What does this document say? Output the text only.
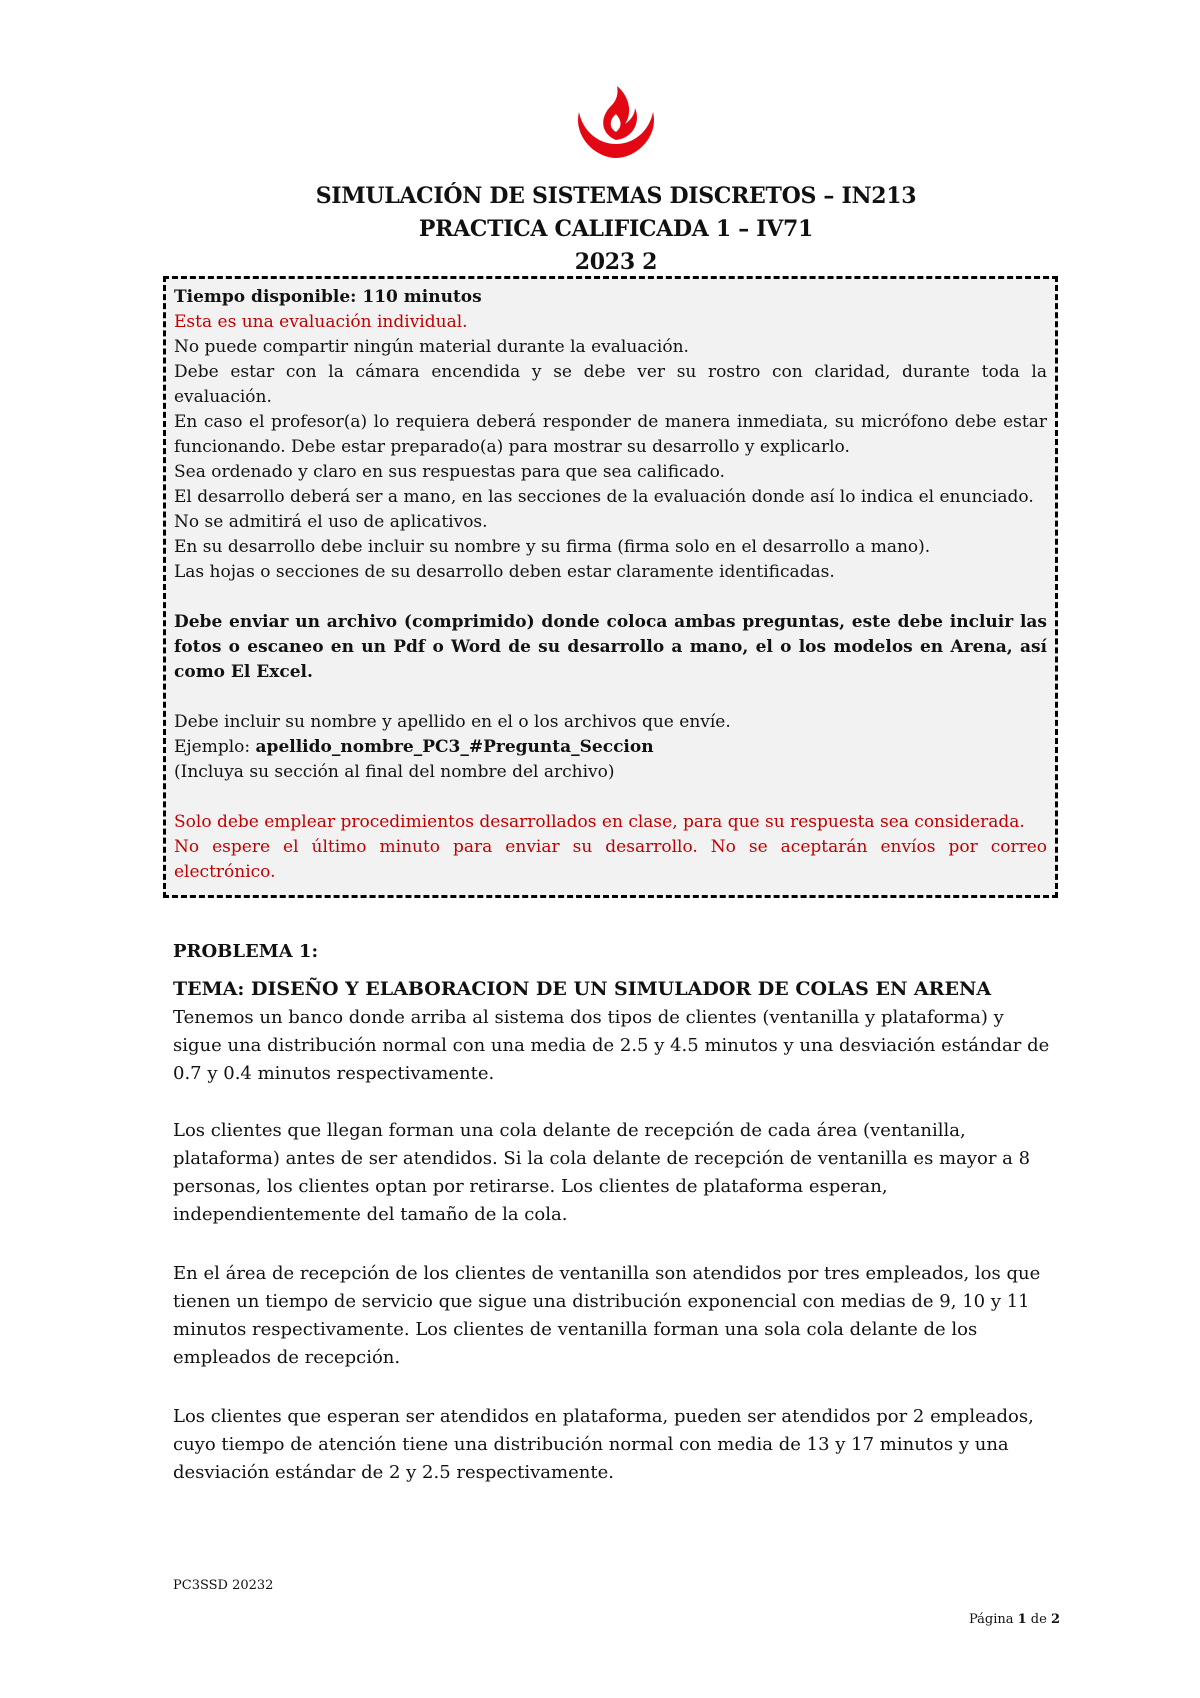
SIMULACIÓN DE SISTEMAS DISCRETOS – IN213
PRACTICA CALIFICADA 1 – IV71
2023 2

Tiempo disponible: 110 minutos

Esta es una evaluación individual.

No puede compartir ningún material durante la evaluación.

Debe estar con la cámara encendida y se debe ver su rostro con claridad, durante toda la evaluación.

En caso el profesor(a) lo requiera deberá responder de manera inmediata, su micrófono debe estar funcionando. Debe estar preparado(a) para mostrar su desarrollo y explicarlo.

Sea ordenado y claro en sus respuestas para que sea calificado.

El desarrollo deberá ser a mano, en las secciones de la evaluación donde así lo indica el enunciado.

No se admitirá el uso de aplicativos.

En su desarrollo debe incluir su nombre y su firma (firma solo en el desarrollo a mano).

Las hojas o secciones de su desarrollo deben estar claramente identificadas.

Debe enviar un archivo (comprimido) donde coloca ambas preguntas, este debe incluir las fotos o escaneo en un Pdf o Word de su desarrollo a mano, el o los modelos en Arena, así como El Excel.

Debe incluir su nombre y apellido en el o los archivos que envíe.

Ejemplo: apellido_nombre_PC3_#Pregunta_Seccion

(Incluya su sección al final del nombre del archivo)

Solo debe emplear procedimientos desarrollados en clase, para que su respuesta sea considerada.

No espere el último minuto para enviar su desarrollo. No se aceptarán envíos por correo electrónico.

PROBLEMA 1:
TEMA: DISEÑO Y ELABORACION DE UN SIMULADOR DE COLAS EN ARENA
Tenemos un banco donde arriba al sistema dos tipos de clientes (ventanilla y plataforma) y sigue una distribución normal con una media de 2.5 y 4.5 minutos y una desviación estándar de 0.7 y 0.4 minutos respectivamente.
Los clientes que llegan forman una cola delante de recepción de cada área (ventanilla, plataforma) antes de ser atendidos. Si la cola delante de recepción de ventanilla es mayor a 8 personas, los clientes optan por retirarse. Los clientes de plataforma esperan, independientemente del tamaño de la cola.
En el área de recepción de los clientes de ventanilla son atendidos por tres empleados, los que tienen un tiempo de servicio que sigue una distribución exponencial con medias de 9, 10 y 11 minutos respectivamente. Los clientes de ventanilla forman una sola cola delante de los empleados de recepción.
Los clientes que esperan ser atendidos en plataforma, pueden ser atendidos por 2 empleados, cuyo tiempo de atención tiene una distribución normal con media de 13 y 17 minutos y una desviación estándar de 2 y 2.5 respectivamente.
PC3SSD 20232
Página 1 de 2
